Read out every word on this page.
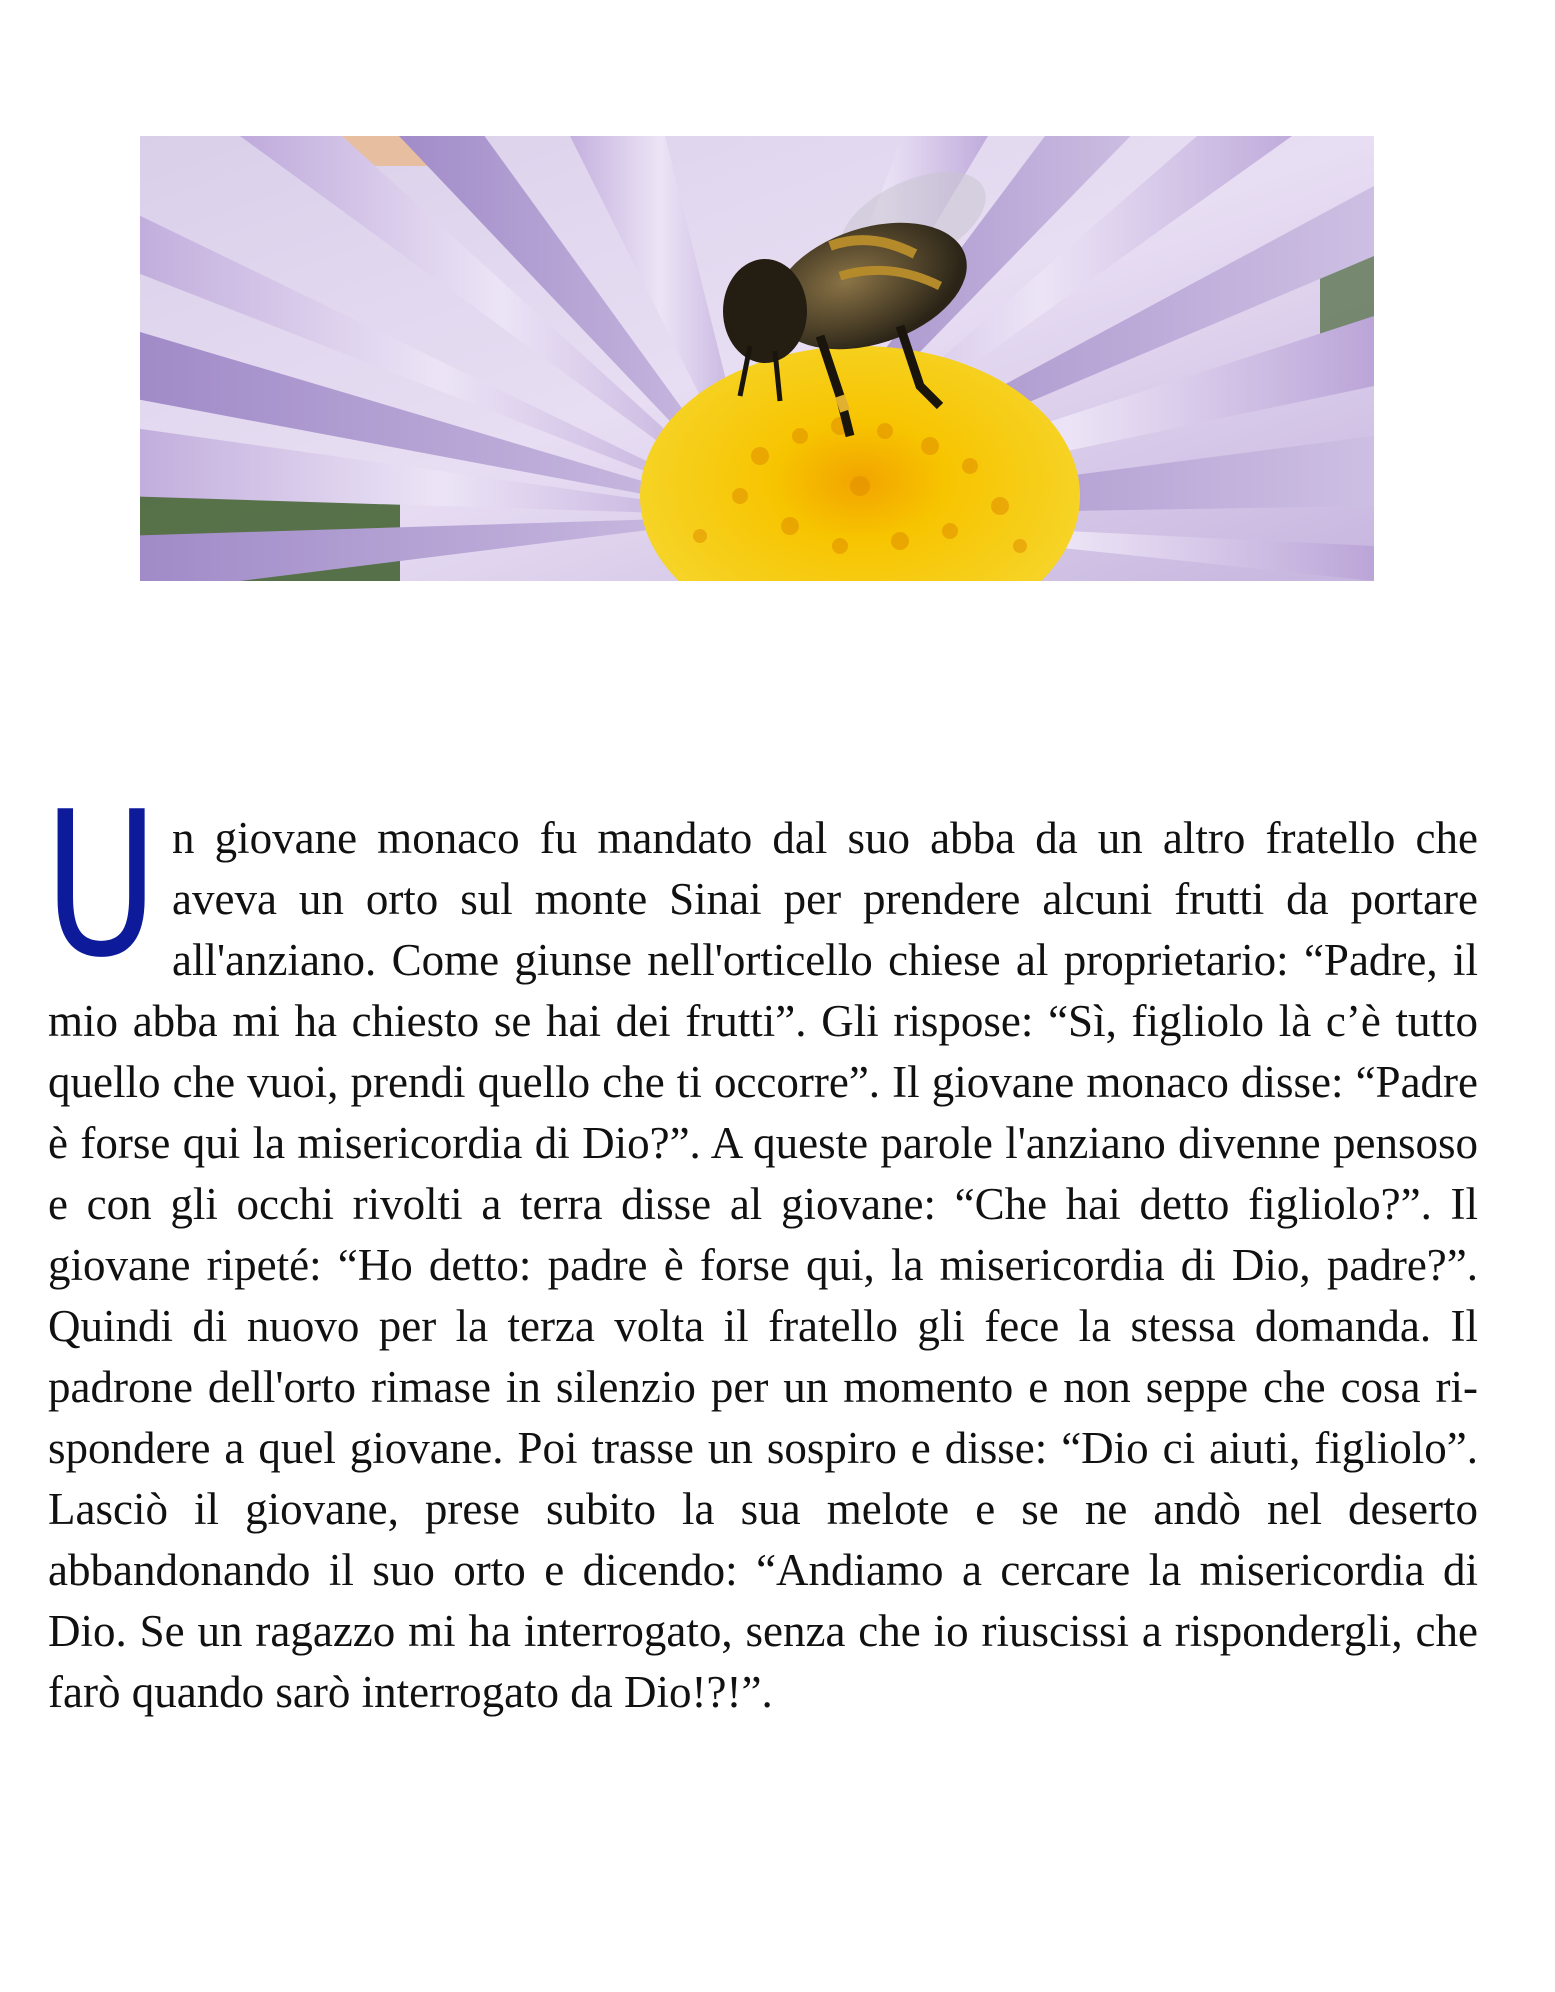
U n giovane monaco fu mandato dal suo abba da un altro fratello che aveva un orto sul monte Sinai per prendere alcuni frutti da portare all'anziano. Come giunse nell'orticello chiese al proprietario: “Padre, il mio abba mi ha chiesto se hai dei frutti”. Gli rispose: “Sì, figliolo là c’è tutto quello che vuoi, prendi quello che ti occorre”. Il giovane monaco disse: “Padre è forse qui la misericordia di Dio?”. A queste parole l'anziano divenne pensoso e con gli occhi rivolti a terra disse al giovane: “Che hai detto figliolo?”. Il giovane ripeté: “Ho detto: padre è forse qui, la misericordia di Dio, padre?”. Quindi di nuovo per la terza volta il fratello gli fece la stessa domanda. Il padrone dell'orto rimase in silenzio per un momento e non seppe che cosa rispondere a quel giovane. Poi trasse un sospiro e disse: “Dio ci aiuti, figliolo”. Lasciò il giovane, prese subito la sua melote e se ne andò nel deserto abbandonando il suo orto e dicendo: “Andiamo a cercare la misericordia di Dio. Se un ragazzo mi ha interrogato, senza che io riuscissi a rispondergli, che farò quando sarò interrogato da Dio!?!”.
